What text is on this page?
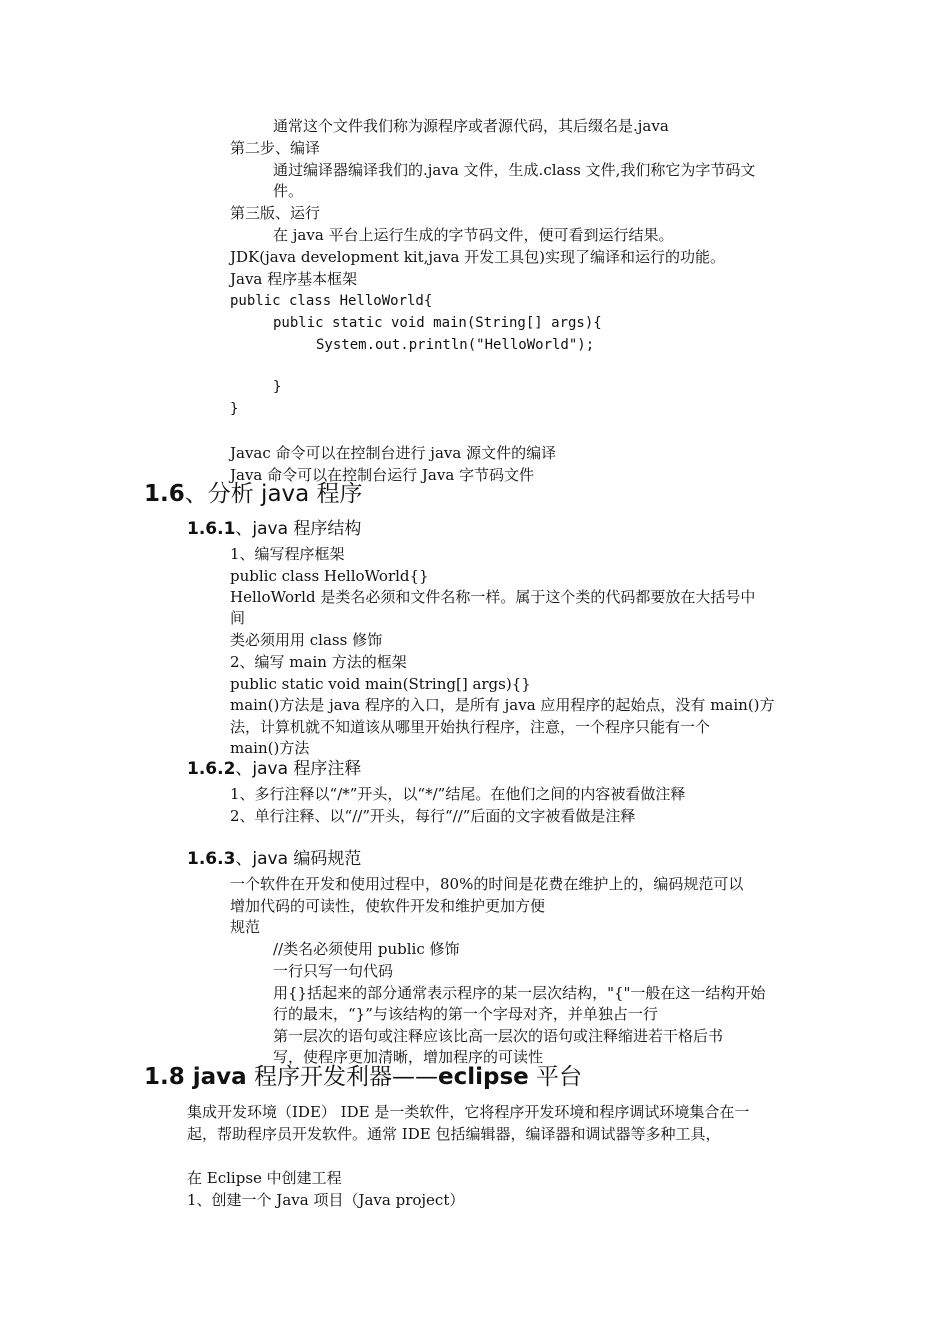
通常这个文件我们称为源程序或者源代码，其后缀名是.java
第二步、编译
通过编译器编译我们的.java 文件，生成.class 文件,我们称它为字节码文
件。
第三版、运行
在 java 平台上运行生成的字节码文件，便可看到运行结果。
JDK(java development kit,java 开发工具包)实现了编译和运行的功能。
Java 程序基本框架
public class HelloWorld{
public static void main(String[] args){
System.out.println("HelloWorld");
}
}
Javac 命令可以在控制台进行 java 源文件的编译
Java 命令可以在控制台运行 Java 字节码文件
1.6、分析 java 程序
1.6.1、java 程序结构
1、编写程序框架
public class HelloWorld{}
HelloWorld 是类名必须和文件名称一样。属于这个类的代码都要放在大括号中
间
类必须用用 class 修饰
2、编写 main 方法的框架
public static void main(String[] args){}
main()方法是 java 程序的入口，是所有 java 应用程序的起始点，没有 main()方
法，计算机就不知道该从哪里开始执行程序，注意，一个程序只能有一个
main()方法
1.6.2、java 程序注释
1、多行注释以“/*”开头，以“*/”结尾。在他们之间的内容被看做注释
2、单行注释、以“//”开头，每行“//”后面的文字被看做是注释
1.6.3、java 编码规范
一个软件在开发和使用过程中，80%的时间是花费在维护上的，编码规范可以
增加代码的可读性，使软件开发和维护更加方便
规范
//类名必须使用 public 修饰
一行只写一句代码
用{}括起来的部分通常表示程序的某一层次结构，"{"一般在这一结构开始
行的最末，“}”与该结构的第一个字母对齐，并单独占一行
第一层次的语句或注释应该比高一层次的语句或注释缩进若干格后书
写，使程序更加清晰，增加程序的可读性
1.8 java 程序开发利器——eclipse 平台
集成开发环境（IDE） IDE 是一类软件，它将程序开发环境和程序调试环境集合在一
起，帮助程序员开发软件。通常 IDE 包括编辑器，编译器和调试器等多种工具，
在 Eclipse 中创建工程
1、创建一个 Java 项目（Java project）
